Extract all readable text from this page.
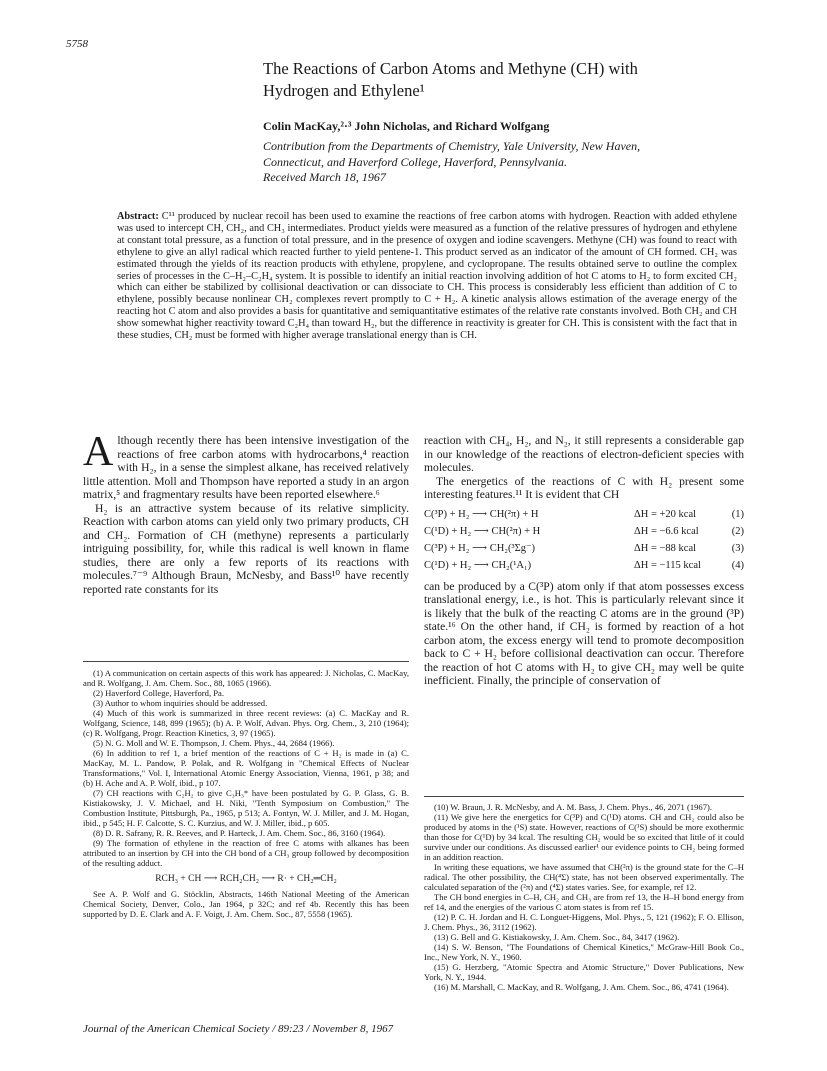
5758
The Reactions of Carbon Atoms and Methyne (CH) with
Hydrogen and Ethylene¹
Colin MacKay,²·³ John Nicholas, and Richard Wolfgang
Contribution from the Departments of Chemistry, Yale University, New Haven,
Connecticut, and Haverford College, Haverford, Pennsylvania.
Received March 18, 1967
Abstract: C¹¹ produced by nuclear recoil has been used to examine the reactions of free carbon atoms with hydrogen. Reaction with added ethylene was used to intercept CH, CH₂, and CH₃ intermediates. Product yields were measured as a function of the relative pressures of hydrogen and ethylene at constant total pressure, as a function of total pressure, and in the presence of oxygen and iodine scavengers. Methyne (CH) was found to react with ethylene to give an allyl radical which reacted further to yield pentene-1. This product served as an indicator of the amount of CH formed. CH₂ was estimated through the yields of its reaction products with ethylene, propylene, and cyclopropane. The results obtained serve to outline the complex series of processes in the C–H₂–C₂H₄ system. It is possible to identify an initial reaction involving addition of hot C atoms to H₂ to form excited CH₂ which can either be stabilized by collisional deactivation or can dissociate to CH. This process is considerably less efficient than addition of C to ethylene, possibly because nonlinear CH₂ complexes revert promptly to C + H₂. A kinetic analysis allows estimation of the average energy of the reacting hot C atom and also provides a basis for quantitative and semiquantitative estimates of the relative rate constants involved. Both CH₂ and CH show somewhat higher reactivity toward C₂H₄ than toward H₂, but the difference in reactivity is greater for CH. This is consistent with the fact that in these studies, CH₂ must be formed with higher average translational energy than is CH.

Although recently there has been intensive investigation of the reactions of free carbon atoms with hydrocarbons,⁴ reaction with H₂, in a sense the simplest alkane, has received relatively little attention. Moll and Thompson have reported a study in an argon matrix,⁵ and fragmentary results have been reported elsewhere.⁶

H₂ is an attractive system because of its relative simplicity. Reaction with carbon atoms can yield only two primary products, CH and CH₂. Formation of CH (methyne) represents a particularly intriguing possibility, for, while this radical is well known in flame studies, there are only a few reports of its reactions with molecules.⁷⁻⁹ Although Braun, McNesby, and Bass¹⁰ have recently reported rate constants for its

reaction with CH₄, H₂, and N₂, it still represents a considerable gap in our knowledge of the reactions of electron-deficient species with molecules.

The energetics of the reactions of C with H₂ present some interesting features.¹¹ It is evident that CH

C(³P) + H₂ ⟶ CH(²π) + H	ΔH = +20 kcal	(1)
C(¹D) + H₂ ⟶ CH(²π) + H	ΔH = −6.6 kcal	(2)
C(³P) + H₂ ⟶ CH₂(³Σg⁻)	ΔH = −88 kcal	(3)
C(¹D) + H₂ ⟶ CH₂(¹A₁)	ΔH = −115 kcal	(4)

can be produced by a C(³P) atom only if that atom possesses excess translational energy, i.e., is hot. This is particularly relevant since it is likely that the bulk of the reacting C atoms are in the ground (³P) state.¹⁶ On the other hand, if CH₂ is formed by reaction of a hot carbon atom, the excess energy will tend to promote decomposition back to C + H₂ before collisional deactivation can occur. Therefore the reaction of hot C atoms with H₂ to give CH₂ may well be quite inefficient. Finally, the principle of conservation of

(1) A communication on certain aspects of this work has appeared: J. Nicholas, C. MacKay, and R. Wolfgang, J. Am. Chem. Soc., 88, 1065 (1966).

(2) Haverford College, Haverford, Pa.

(3) Author to whom inquiries should be addressed.

(4) Much of this work is summarized in three recent reviews: (a) C. MacKay and R. Wolfgang, Science, 148, 899 (1965); (b) A. P. Wolf, Advan. Phys. Org. Chem., 3, 210 (1964); (c) R. Wolfgang, Progr. Reaction Kinetics, 3, 97 (1965).

(5) N. G. Moll and W. E. Thompson, J. Chem. Phys., 44, 2684 (1966).

(6) In addition to ref 1, a brief mention of the reactions of C + H₂ is made in (a) C. MacKay, M. L. Pandow, P. Polak, and R. Wolfgang in "Chemical Effects of Nuclear Transformations," Vol. I, International Atomic Energy Association, Vienna, 1961, p 38; and (b) H. Ache and A. P. Wolf, ibid., p 107.

(7) CH reactions with C₂H₂ to give C₃H₃* have been postulated by G. P. Glass, G. B. Kistiakowsky, J. V. Michael, and H. Niki, "Tenth Symposium on Combustion," The Combustion Institute, Pittsburgh, Pa., 1965, p 513; A. Fontyn, W. J. Miller, and J. M. Hogan, ibid., p 545; H. F. Calcotte, S. C. Kurzius, and W. J. Miller, ibid., p 605.

(8) D. R. Safrany, R. R. Reeves, and P. Harteck, J. Am. Chem. Soc., 86, 3160 (1964).

(9) The formation of ethylene in the reaction of free C atoms with alkanes has been attributed to an insertion by CH into the CH bond of a CH₃ group followed by decomposition of the resulting adduct.

RCH₃ + CH ⟶ RCH₂CH₂ ⟶ R· + CH₂═CH₂

See A. P. Wolf and G. Stöcklin, Abstracts, 146th National Meeting of the American Chemical Society, Denver, Colo., Jan 1964, p 32C; and ref 4b. Recently this has been supported by D. E. Clark and A. F. Voigt, J. Am. Chem. Soc., 87, 5558 (1965).

(10) W. Braun, J. R. McNesby, and A. M. Bass, J. Chem. Phys., 46, 2071 (1967).

(11) We give here the energetics for C(³P) and C(¹D) atoms. CH and CH₂ could also be produced by atoms in the (¹S) state. However, reactions of C(¹S) should be more exothermic than those for C(¹D) by 34 kcal. The resulting CH₂ would be so excited that little of it could survive under our conditions. As discussed earlier¹ our evidence points to CH₂ being formed in an addition reaction.

In writing these equations, we have assumed that CH(²π) is the ground state for the C–H radical. The other possibility, the CH(⁴Σ) state, has not been observed experimentally. The calculated separation of the (²π) and (⁴Σ) states varies. See, for example, ref 12.

The CH bond energies in C–H, CH₂ and CH₃ are from ref 13, the H–H bond energy from ref 14, and the energies of the various C atom states is from ref 15.

(12) P. C. H. Jordan and H. C. Longuet-Higgens, Mol. Phys., 5, 121 (1962); F. O. Ellison, J. Chem. Phys., 36, 3112 (1962).

(13) G. Bell and G. Kistiakowsky, J. Am. Chem. Soc., 84, 3417 (1962).

(14) S. W. Benson, "The Foundations of Chemical Kinetics," McGraw-Hill Book Co., Inc., New York, N. Y., 1960.

(15) G. Herzberg, "Atomic Spectra and Atomic Structure," Dover Publications, New York, N. Y., 1944.

(16) M. Marshall, C. MacKay, and R. Wolfgang, J. Am. Chem. Soc., 86, 4741 (1964).

Journal of the American Chemical Society / 89:23 / November 8, 1967
